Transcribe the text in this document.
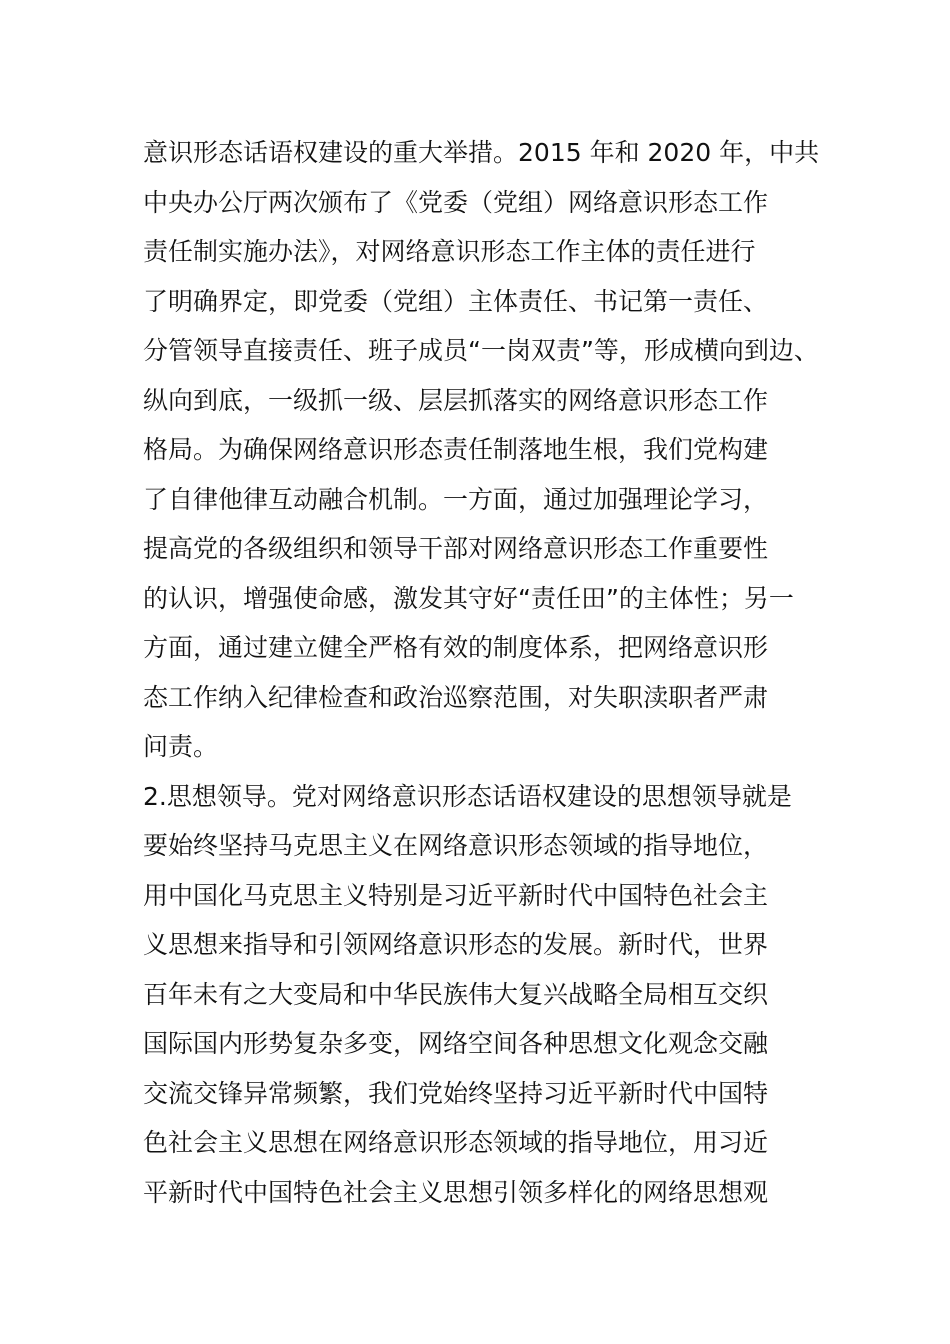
意识形态话语权建设的重大举措。2015 年和 2020 年，中共
中央办公厅两次颁布了《党委（党组）网络意识形态工作
责任制实施办法》，对网络意识形态工作主体的责任进行
了明确界定，即党委（党组）主体责任、书记第一责任、
分管领导直接责任、班子成员“一岗双责”等，形成横向到边、
纵向到底，一级抓一级、层层抓落实的网络意识形态工作
格局。为确保网络意识形态责任制落地生根，我们党构建
了自律他律互动融合机制。一方面，通过加强理论学习，
提高党的各级组织和领导干部对网络意识形态工作重要性
的认识，增强使命感，激发其守好“责任田”的主体性；另一
方面，通过建立健全严格有效的制度体系，把网络意识形
态工作纳入纪律检查和政治巡察范围，对失职渎职者严肃
问责。
2.思想领导。党对网络意识形态话语权建设的思想领导就是
要始终坚持马克思主义在网络意识形态领域的指导地位，
用中国化马克思主义特别是习近平新时代中国特色社会主
义思想来指导和引领网络意识形态的发展。新时代，世界
百年未有之大变局和中华民族伟大复兴战略全局相互交织
国际国内形势复杂多变，网络空间各种思想文化观念交融
交流交锋异常频繁，我们党始终坚持习近平新时代中国特
色社会主义思想在网络意识形态领域的指导地位，用习近
平新时代中国特色社会主义思想引领多样化的网络思想观
